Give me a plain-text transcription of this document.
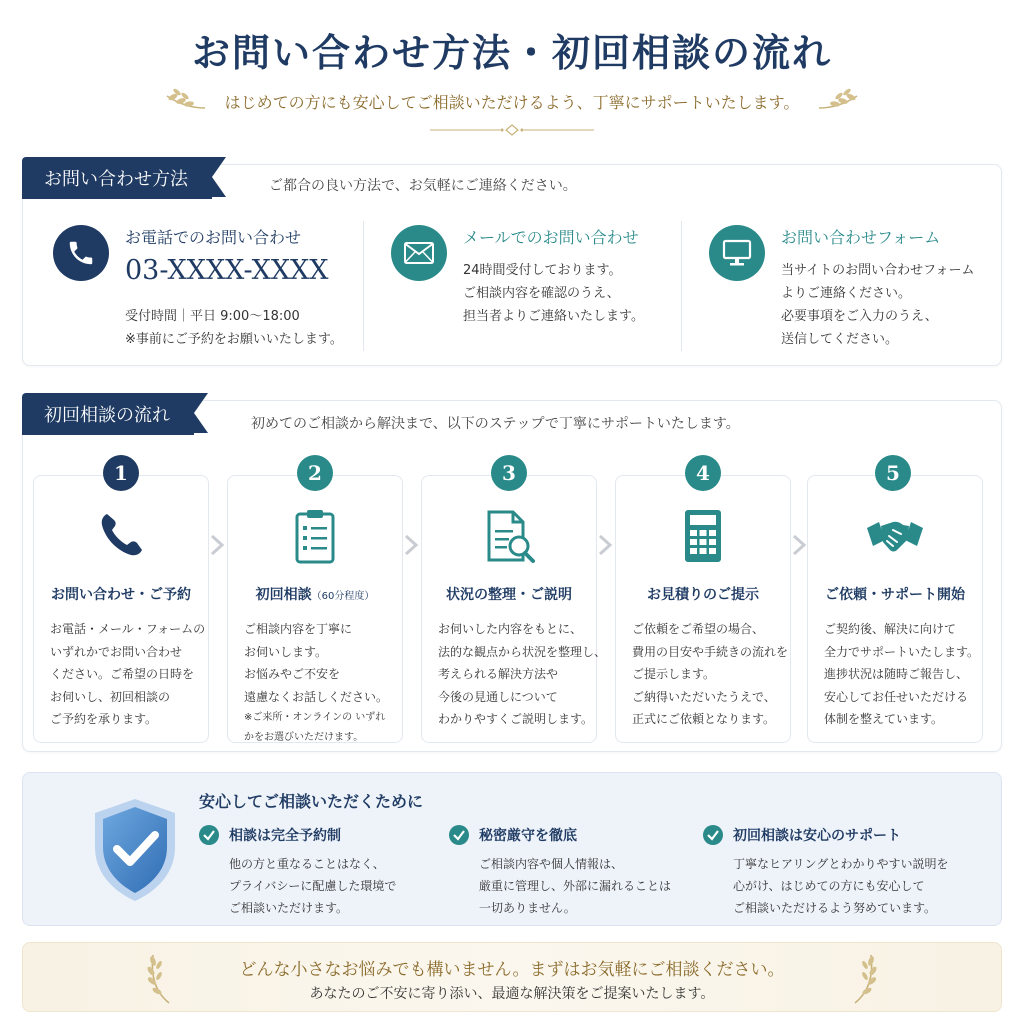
お問い合わせ方法・初回相談の流れ
はじめての方にも安心してご相談いただけるよう、丁寧にサポートいたします。
お問い合わせ方法	ご都合の良い方法で、お気軽にご連絡ください。
お電話でのお問い合わせ
03-XXXX-XXXX
受付時間｜平日 9:00〜18:00
※事前にご予約をお願いいたします。
メールでのお問い合わせ
24時間受付しております。
ご相談内容を確認のうえ、
担当者よりご連絡いたします。
お問い合わせフォーム
当サイトのお問い合わせフォーム
よりご連絡ください。
必要事項をご入力のうえ、
送信してください。
初回相談の流れ	初めてのご相談から解決まで、以下のステップで丁寧にサポートいたします。
1
お問い合わせ・ご予約
お電話・メール・フォームの
いずれかでお問い合わせ
ください。ご希望の日時を
お伺いし、初回相談の
ご予約を承ります。
2
初回相談（60分程度）
ご相談内容を丁寧に
お伺いします。
お悩みやご不安を
遠慮なくお話しください。
※ご来所・オンラインの いずれかをお選びいただけます。
3
状況の整理・ご説明
お伺いした内容をもとに、
法的な観点から状況を整理し、
考えられる解決方法や
今後の見通しについて
わかりやすくご説明します。
4
お見積りのご提示
ご依頼をご希望の場合、
費用の目安や手続きの流れを
ご提示します。
ご納得いただいたうえで、
正式にご依頼となります。
5
ご依頼・サポート開始
ご契約後、解決に向けて
全力でサポートいたします。
進捗状況は随時ご報告し、
安心してお任せいただける
体制を整えています。
安心してご相談いただくために
相談は完全予約制
他の方と重なることはなく、
プライバシーに配慮した環境で
ご相談いただけます。
秘密厳守を徹底
ご相談内容や個人情報は、
厳重に管理し、外部に漏れることは
一切ありません。
初回相談は安心のサポート
丁寧なヒアリングとわかりやすい説明を
心がけ、はじめての方にも安心して
ご相談いただけるよう努めています。
どんな小さなお悩みでも構いません。まずはお気軽にご相談ください。
あなたのご不安に寄り添い、最適な解決策をご提案いたします。
